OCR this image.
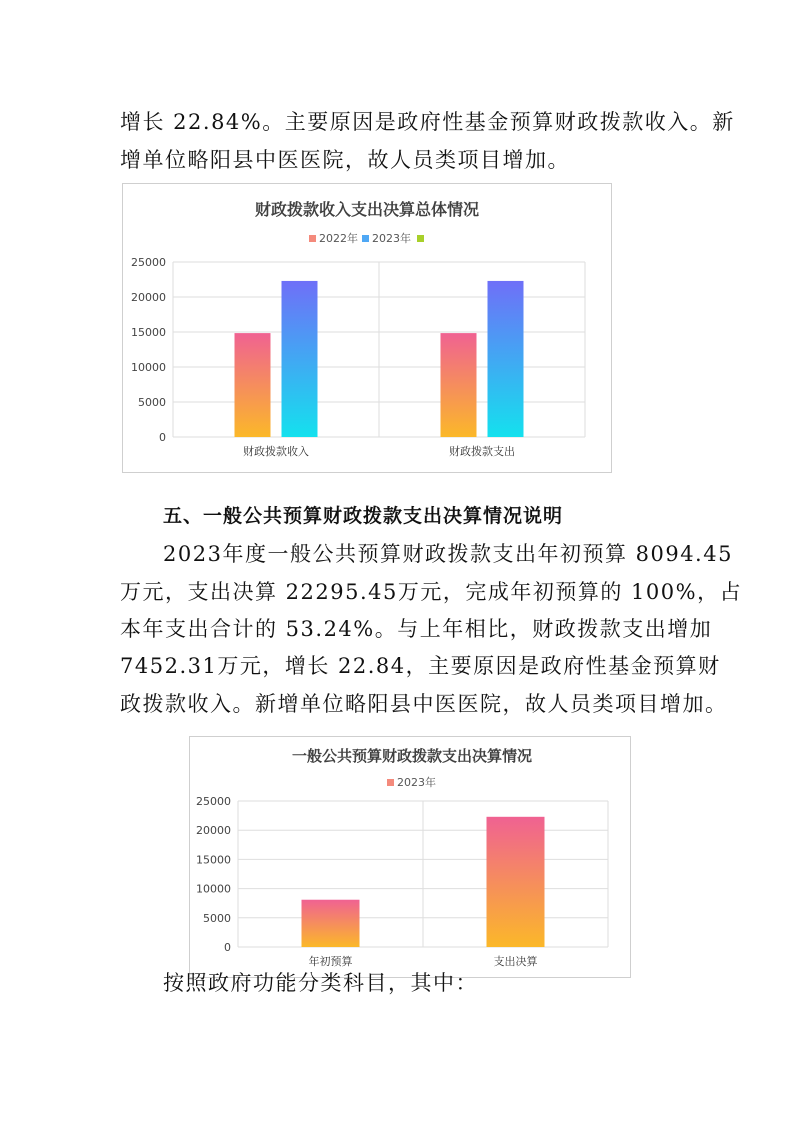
增长 22.84%。主要原因是政府性基金预算财政拨款收入。新
增单位略阳县中医医院，故人员类项目增加。
财政拨款收入支出决算总体情况
2022年 2023年
0
5000
10000
15000
20000
25000
财政拨款收入	财政拨款支出
五、一般公共预算财政拨款支出决算情况说明
2023年度一般公共预算财政拨款支出年初预算 8094.45
万元，支出决算 22295.45万元，完成年初预算的 100%，占
本年支出合计的 53.24%。与上年相比，财政拨款支出增加
7452.31万元，增长 22.84，主要原因是政府性基金预算财
政拨款收入。新增单位略阳县中医医院，故人员类项目增加。
一般公共预算财政拨款支出决算情况
2023年
0
5000
10000
15000
20000
25000
年初预算	支出决算
按照政府功能分类科目，其中：
